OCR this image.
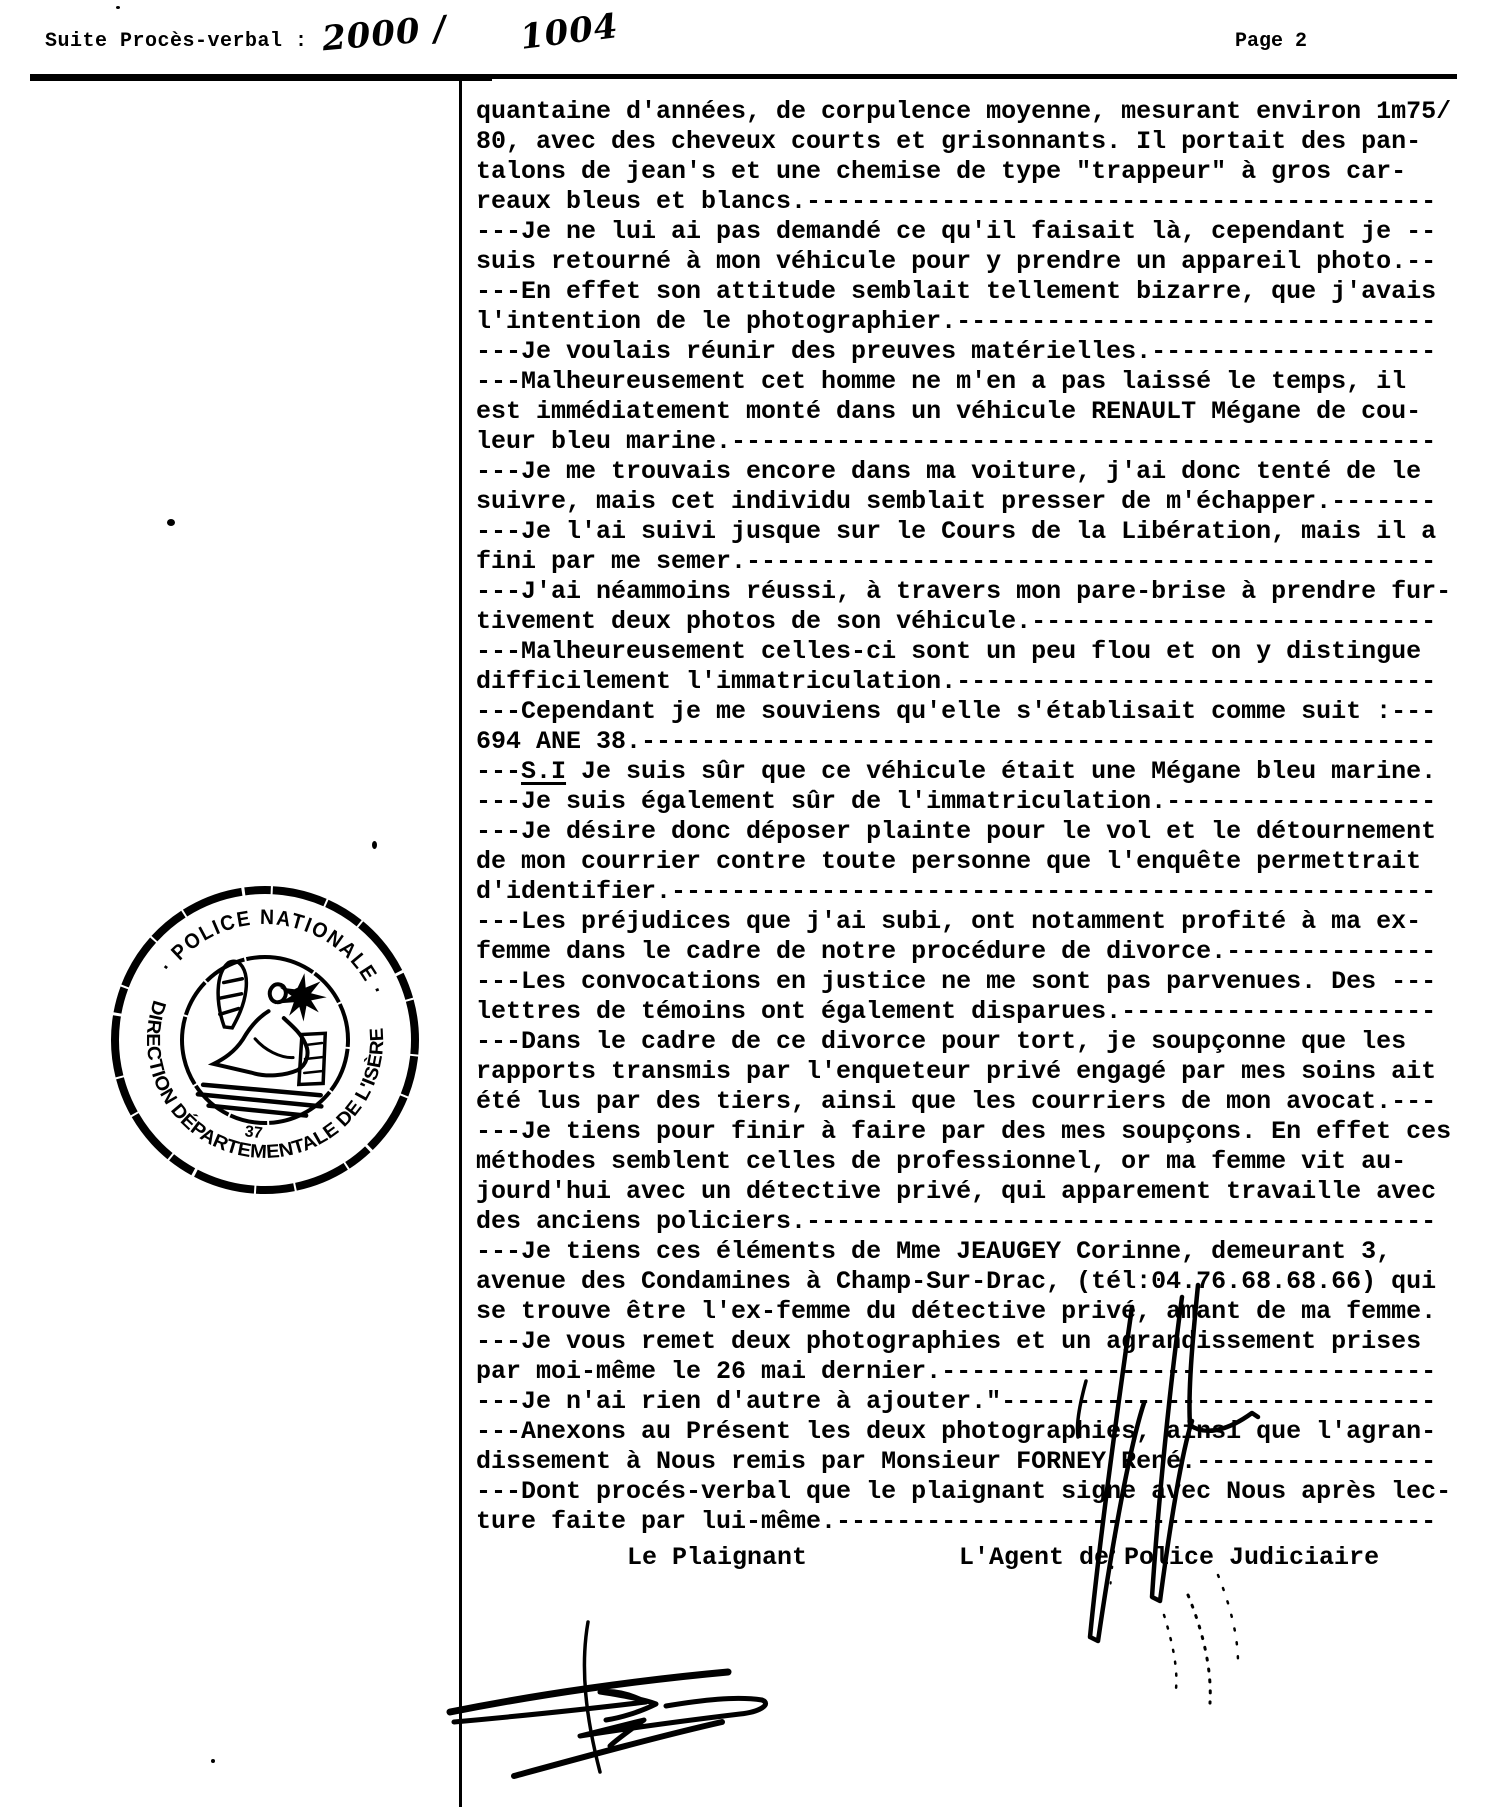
Suite Procès-verbal : 2000 / 1004	Page 2
quantaine d'années, de corpulence moyenne, mesurant environ 1m75/
80, avec des cheveux courts et grisonnants. Il portait des pan-
talons de jean's et une chemise de type "trappeur" à gros car-
reaux bleus et blancs.------------------------------------------
---Je ne lui ai pas demandé ce qu'il faisait là, cependant je --
suis retourné à mon véhicule pour y prendre un appareil photo.--
---En effet son attitude semblait tellement bizarre, que j'avais
l'intention de le photographier.--------------------------------
---Je voulais réunir des preuves matérielles.-------------------
---Malheureusement cet homme ne m'en a pas laissé le temps, il
est immédiatement monté dans un véhicule RENAULT Mégane de cou-
leur bleu marine.-----------------------------------------------
---Je me trouvais encore dans ma voiture, j'ai donc tenté de le
suivre, mais cet individu semblait presser de m'échapper.-------
---Je l'ai suivi jusque sur le Cours de la Libération, mais il a
fini par me semer.----------------------------------------------
---J'ai néammoins réussi, à travers mon pare-brise à prendre fur-
tivement deux photos de son véhicule.---------------------------
---Malheureusement celles-ci sont un peu flou et on y distingue
difficilement l'immatriculation.--------------------------------
---Cependant je me souviens qu'elle s'établisait comme suit :---
694 ANE 38.-----------------------------------------------------
---S.I Je suis sûr que ce véhicule était une Mégane bleu marine.
---Je suis également sûr de l'immatriculation.------------------
---Je désire donc déposer plainte pour le vol et le détournement
de mon courrier contre toute personne que l'enquête permettrait
d'identifier.---------------------------------------------------
---Les préjudices que j'ai subi, ont notamment profité à ma ex-
femme dans le cadre de notre procédure de divorce.--------------
---Les convocations en justice ne me sont pas parvenues. Des ---
lettres de témoins ont également disparues.---------------------
---Dans le cadre de ce divorce pour tort, je soupçonne que les
rapports transmis par l'enqueteur privé engagé par mes soins ait
été lus par des tiers, ainsi que les courriers de mon avocat.---
---Je tiens pour finir à faire par des mes soupçons. En effet ces
méthodes semblent celles de professionnel, or ma femme vit au-
jourd'hui avec un détective privé, qui apparement travaille avec
des anciens policiers.------------------------------------------
---Je tiens ces éléments de Mme JEAUGEY Corinne, demeurant 3,
avenue des Condamines à Champ-Sur-Drac, (tél:04.76.68.68.66) qui
se trouve être l'ex-femme du détective privé, amant de ma femme.
---Je vous remet deux photographies et un agrandissement prises
par moi-même le 26 mai dernier.---------------------------------
---Je n'ai rien d'autre à ajouter."-----------------------------
---Anexons au Présent les deux photographies, ainsi que l'agran-
dissement à Nous remis par Monsieur FORNEY René.----------------
---Dont procés-verbal que le plaignant signe avec Nous après lec-
ture faite par lui-même.----------------------------------------
Le Plaignant	L'Agent de Police Judiciaire
· POLICE NATIONALE ·
DIRECTION DÉPARTEMENTALE DE L'ISÈRE
37
